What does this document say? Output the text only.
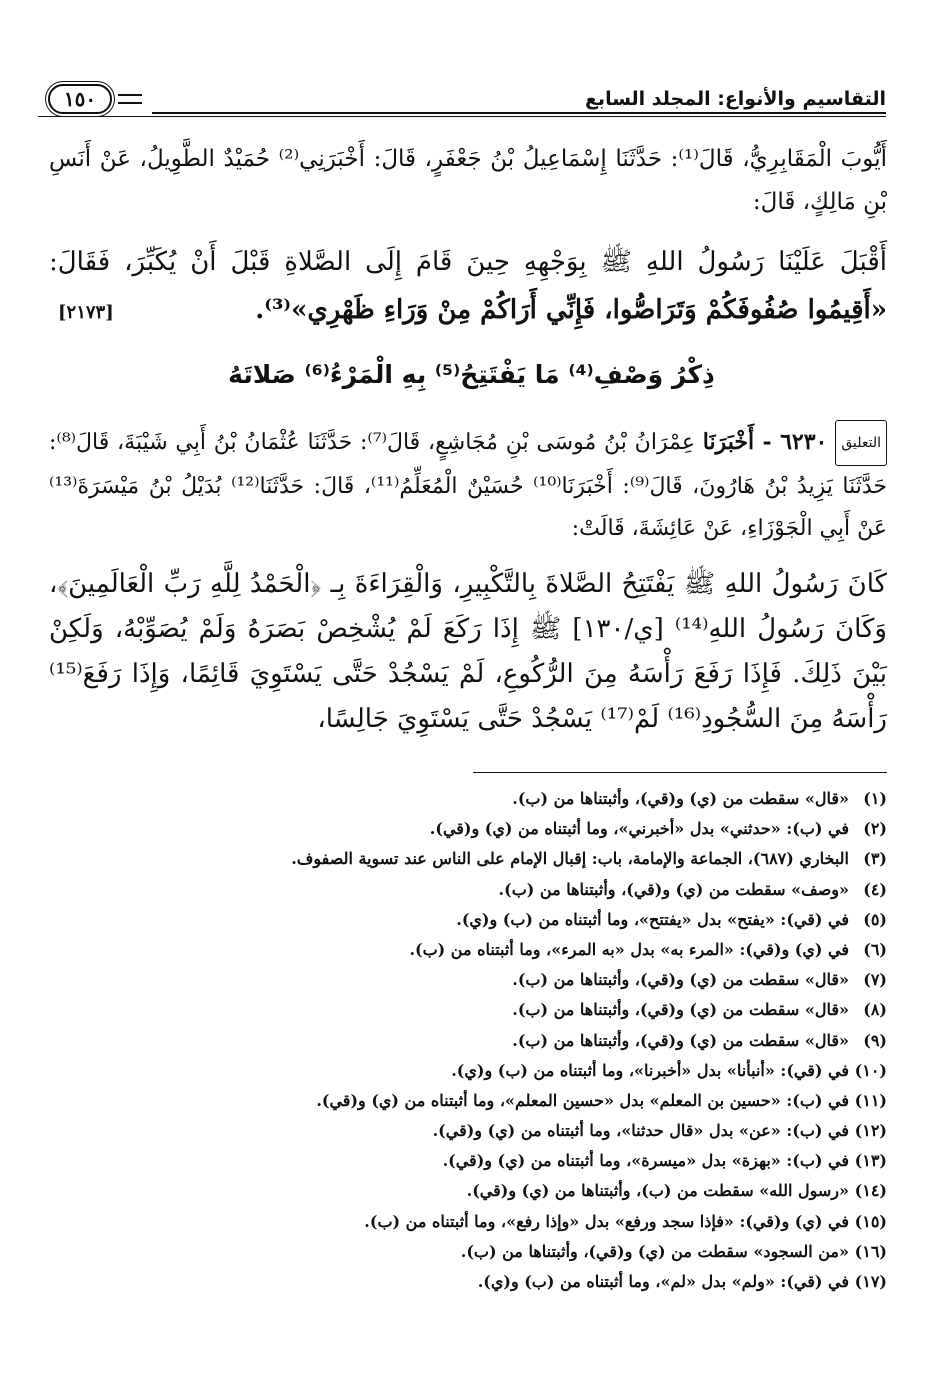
التقاسيم والأنواع: المجلد السابع
١٥٠
أَيُّوبَ الْمَقَابِرِيُّ، قَالَ⁽¹⁾: حَدَّثَنَا إِسْمَاعِيلُ بْنُ جَعْفَرٍ، قَالَ: أَخْبَرَنِي⁽²⁾ حُمَيْدٌ الطَّوِيلُ، عَنْ أَنَسِ بْنِ مَالِكٍ، قَالَ:
أَقْبَلَ عَلَيْنَا رَسُولُ اللهِ ﷺ بِوَجْهِهِ حِينَ قَامَ إِلَى الصَّلاةِ قَبْلَ أَنْ يُكَبِّرَ، فَقَالَ: «أَقِيمُوا صُفُوفَكُمْ وَتَرَاصُّوا، فَإِنِّي أَرَاكُمْ مِنْ وَرَاءِ ظَهْرِي»⁽³⁾.
[٢١٧٣]
ذِكْرُ وَصْفِ⁽⁴⁾ مَا يَفْتَتِحُ⁽⁵⁾ بِهِ الْمَرْءُ⁽⁶⁾ صَلاتَهُ
التعليق٦٢٣٠ - أَخْبَرَنَا عِمْرَانُ بْنُ مُوسَى بْنِ مُجَاشِعٍ، قَالَ⁽⁷⁾: حَدَّثَنَا عُثْمَانُ بْنُ أَبِي شَيْبَةَ، قَالَ⁽⁸⁾: حَدَّثَنَا يَزِيدُ بْنُ هَارُونَ، قَالَ⁽⁹⁾: أَخْبَرَنَا⁽¹⁰⁾ حُسَيْنٌ الْمُعَلِّمُ⁽¹¹⁾، قَالَ: حَدَّثَنَا⁽¹²⁾ بُدَيْلُ بْنُ مَيْسَرَةَ⁽¹³⁾ عَنْ أَبِي الْجَوْزَاءِ، عَنْ عَائِشَةَ، قَالَتْ:
كَانَ رَسُولُ اللهِ ﷺ يَفْتَتِحُ الصَّلاةَ بِالتَّكْبِيرِ، وَالْقِرَاءَةَ بِـ ﴿الْحَمْدُ لِلَّهِ رَبِّ الْعَالَمِينَ﴾، وَكَانَ رَسُولُ اللهِ⁽¹⁴⁾ [ي/١٣٠] ﷺ إِذَا رَكَعَ لَمْ يُشْخِصْ بَصَرَهُ وَلَمْ يُصَوِّبْهُ، وَلَكِنْ بَيْنَ ذَلِكَ. فَإِذَا رَفَعَ رَأْسَهُ مِنَ الرُّكُوعِ، لَمْ يَسْجُدْ حَتَّى يَسْتَوِيَ قَائِمًا، وَإِذَا رَفَعَ⁽¹⁵⁾ رَأْسَهُ مِنَ السُّجُودِ⁽¹⁶⁾ لَمْ⁽¹⁷⁾ يَسْجُدْ حَتَّى يَسْتَوِيَ جَالِسًا،
(١)«قال» سقطت من (ي) و(قي)، وأثبتناها من (ب).
(٢)في (ب): «حدثني» بدل «أخبرني»، وما أثبتناه من (ي) و(قي).
(٣)البخاري (٦٨٧)، الجماعة والإمامة، باب: إقبال الإمام على الناس عند تسوية الصفوف.
(٤)«وصف» سقطت من (ي) و(قي)، وأثبتناها من (ب).
(٥)في (قي): «يفتح» بدل «يفتتح»، وما أثبتناه من (ب) و(ي).
(٦)في (ي) و(قي): «المرء به» بدل «به المرء»، وما أثبتناه من (ب).
(٧)«قال» سقطت من (ي) و(قي)، وأثبتناها من (ب).
(٨)«قال» سقطت من (ي) و(قي)، وأثبتناها من (ب).
(٩)«قال» سقطت من (ي) و(قي)، وأثبتناها من (ب).
(١٠)في (قي): «أنبأنا» بدل «أخبرنا»، وما أثبتناه من (ب) و(ي).
(١١)في (ب): «حسين بن المعلم» بدل «حسين المعلم»، وما أثبتناه من (ي) و(قي).
(١٢)في (ب): «عن» بدل «قال حدثنا»، وما أثبتناه من (ي) و(قي).
(١٣)في (ب): «بهزة» بدل «ميسرة»، وما أثبتناه من (ي) و(قي).
(١٤)«رسول الله» سقطت من (ب)، وأثبتناها من (ي) و(قي).
(١٥)في (ي) و(قي): «فإذا سجد ورفع» بدل «وإذا رفع»، وما أثبتناه من (ب).
(١٦)«من السجود» سقطت من (ي) و(قي)، وأثبتناها من (ب).
(١٧)في (قي): «ولم» بدل «لم»، وما أثبتناه من (ب) و(ي).
